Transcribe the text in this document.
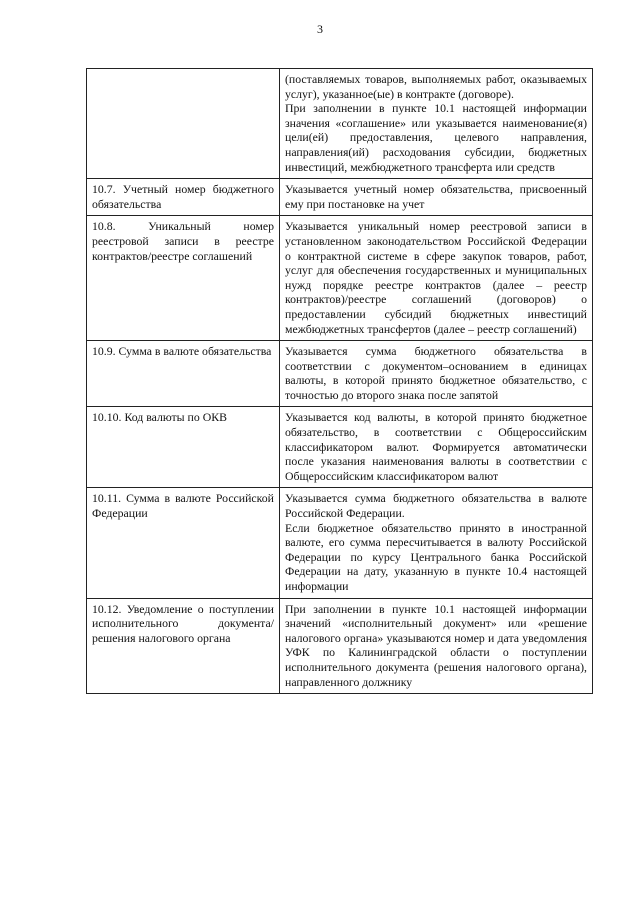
3

	(поставляемых товаров, выполняемых работ, оказываемых услуг), указанное(ые) в контракте (договоре).
При заполнении в пункте 10.1 настоящей информации значения «соглашение» или указывается наименование(я) цели(ей) предоставления, целевого направления, направления(ий) расходования субсидии, бюджетных инвестиций, межбюджетного трансферта или средств

10.7. Учетный номер бюджетного обязательства	Указывается учетный номер обязательства, присвоенный ему при постановке на учет

10.8. Уникальный номер реестровой записи в реестре контрактов/реестре соглашений	Указывается уникальный номер реестровой записи в установленном законодательством Российской Федерации о контрактной системе в сфере закупок товаров, работ, услуг для обеспечения государственных и муниципальных нужд порядке реестре контрактов (далее – реестр контрактов)/реестре соглашений (договоров) о предоставлении субсидий бюджетных инвестиций межбюджетных трансфертов (далее – реестр соглашений)

10.9. Сумма в валюте обязательства	Указывается сумма бюджетного обязательства в соответствии с документом–основанием в единицах валюты, в которой принято бюджетное обязательство, с точностью до второго знака после запятой

10.10. Код валюты по ОКВ	Указывается код валюты, в которой принято бюджетное обязательство, в соответствии с Общероссийским классификатором валют. Формируется автоматически после указания наименования валюты в соответствии с Общероссийским классификатором валют

10.11. Сумма в валюте Российской Федерации	Указывается сумма бюджетного обязательства в валюте Российской Федерации.
Если бюджетное обязательство принято в иностранной валюте, его сумма пересчитывается в валюту Российской Федерации по курсу Центрального банка Российской Федерации на дату, указанную в пункте 10.4 настоящей информации

10.12. Уведомление о поступлении исполнительного документа/решения налогового органа	При заполнении в пункте 10.1 настоящей информации значений «исполнительный документ» или «решение налогового органа» указываются номер и дата уведомления УФК по Калининградской области о поступлении исполнительного документа (решения налогового органа), направленного должнику
